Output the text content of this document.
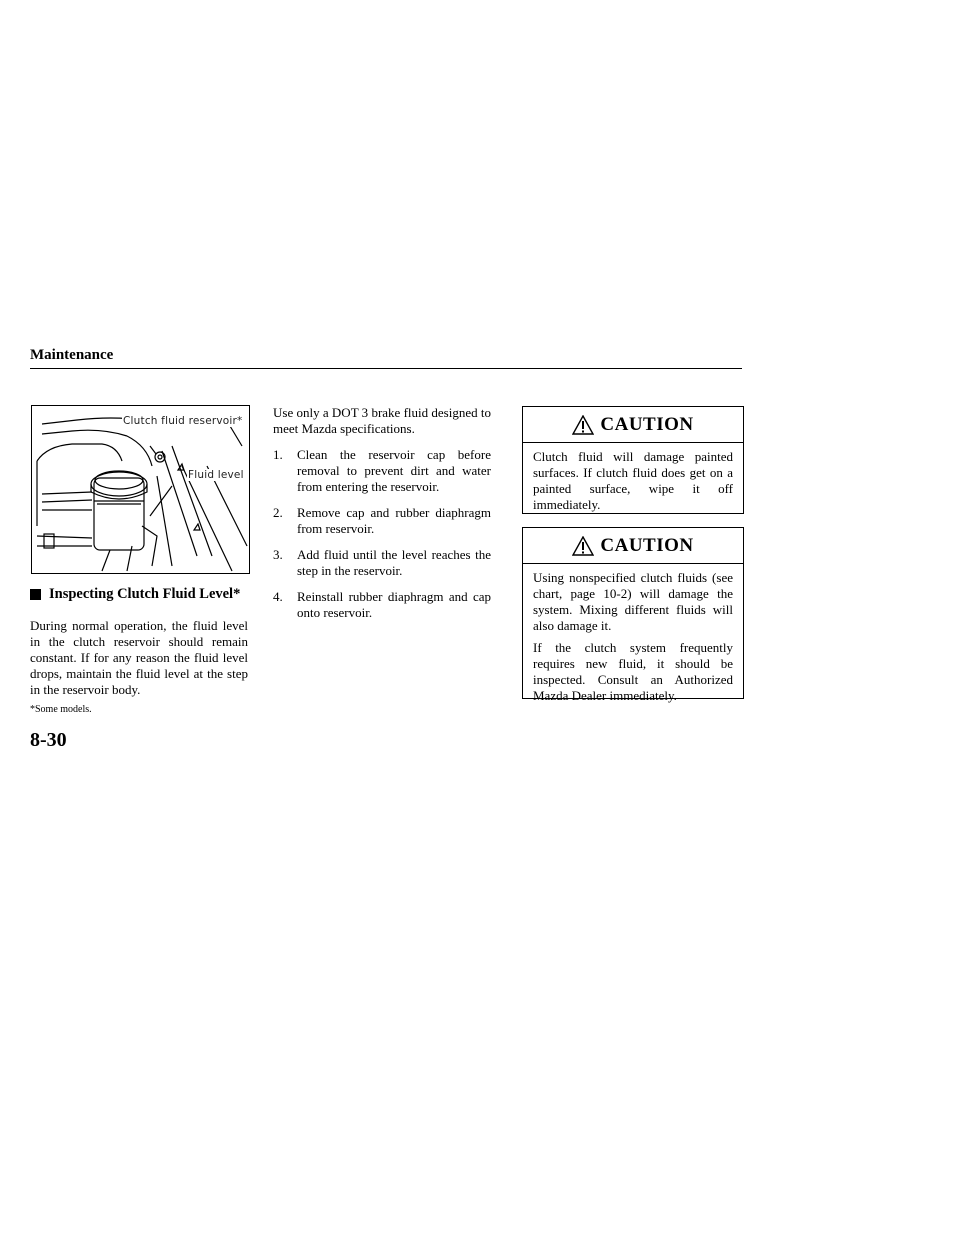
Maintenance
Clutch fluid reservoir*
Fluid level
Inspecting Clutch Fluid Level*
During normal operation, the fluid level in the clutch reservoir should remain constant. If for any reason the fluid level drops, maintain the fluid level at the step in the reservoir body.
*Some models.
8-30

Use only a DOT 3 brake fluid designed to meet Mazda specifications.

1. Clean the reservoir cap before removal to prevent dirt and water from entering the reservoir.
2. Remove cap and rubber diaphragm from reservoir.
3. Add fluid until the level reaches the step in the reservoir.
4. Reinstall rubber diaphragm and cap onto reservoir.
CAUTION

Clutch fluid will damage painted surfaces. If clutch fluid does get on a painted surface, wipe it off immediately.

CAUTION

Using nonspecified clutch fluids (see chart, page 10-2) will damage the system. Mixing different fluids will also damage it.

If the clutch system frequently requires new fluid, it should be inspected. Consult an Authorized Mazda Dealer immediately.
